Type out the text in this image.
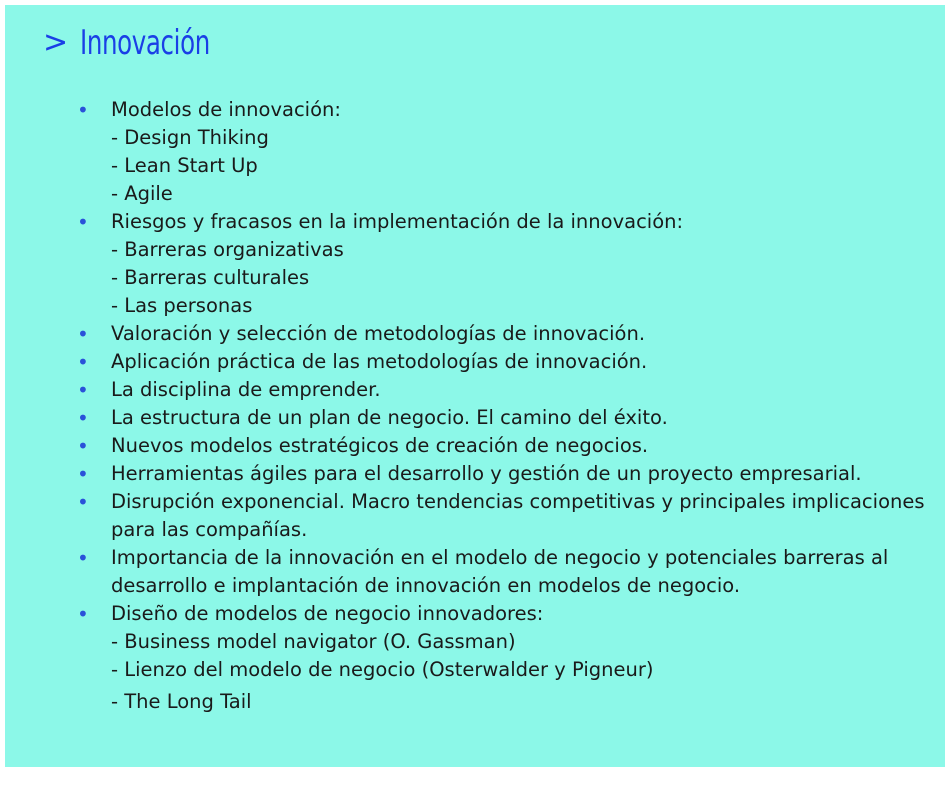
> Innovación
• Modelos de innovación:
- Design Thiking
- Lean Start Up
- Agile
• Riesgos y fracasos en la implementación de la innovación:
- Barreras organizativas
- Barreras culturales
- Las personas
• Valoración y selección de metodologías de innovación.
• Aplicación práctica de las metodologías de innovación.
• La disciplina de emprender.
• La estructura de un plan de negocio. El camino del éxito.
• Nuevos modelos estratégicos de creación de negocios.
• Herramientas ágiles para el desarrollo y gestión de un proyecto empresarial.
• Disrupción exponencial. Macro tendencias competitivas y principales implicaciones para las compañías.
• Importancia de la innovación en el modelo de negocio y potenciales barreras al desarrollo e implantación de innovación en modelos de negocio.
• Diseño de modelos de negocio innovadores:
- Business model navigator (O. Gassman)
- Lienzo del modelo de negocio (Osterwalder y Pigneur)
- The Long Tail
